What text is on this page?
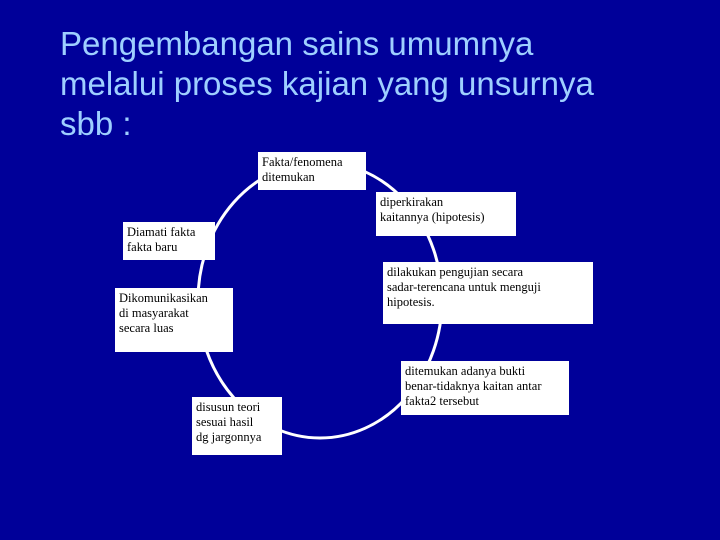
Pengembangan sains umumnya
melalui proses kajian yang unsurnya
sbb :
Fakta/fenomena
ditemukan
diperkirakan
kaitannya (hipotesis)
dilakukan pengujian secara
sadar-terencana untuk menguji
hipotesis.
ditemukan adanya bukti
benar-tidaknya kaitan antar
fakta2 tersebut
disusun teori
sesuai hasil
dg jargonnya
Dikomunikasikan
di masyarakat
secara luas
Diamati fakta
fakta baru
